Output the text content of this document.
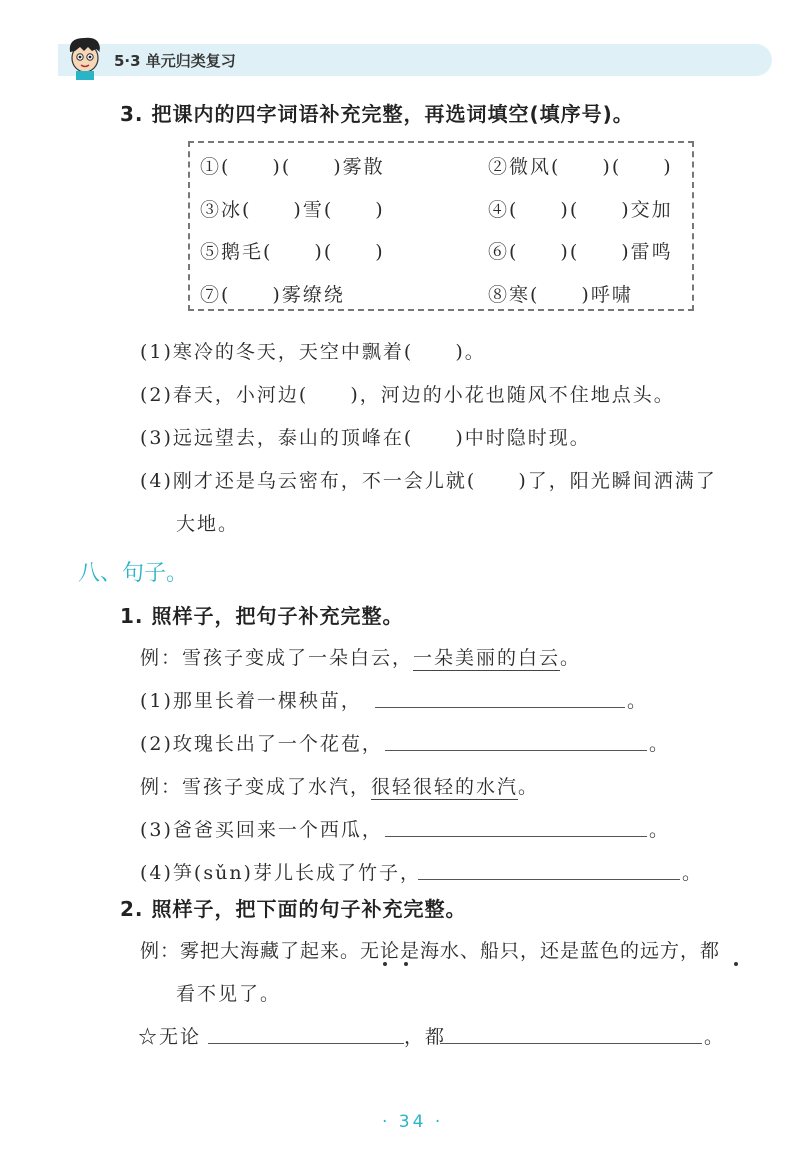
5·3 单元归类复习
3. 把课内的四字词语补充完整，再选词填空(填序号)。
①(　　)(　　)雾散	②微风(　　)(　　)
③冰(　　)雪(　　)	④(　　)(　　)交加
⑤鹅毛(　　)(　　)	⑥(　　)(　　)雷鸣
⑦(　　)雾缭绕	⑧寒(　　)呼啸
(1)寒冷的冬天，天空中飘着(　　)。
(2)春天，小河边(　　)，河边的小花也随风不住地点头。
(3)远远望去，泰山的顶峰在(　　)中时隐时现。
(4)刚才还是乌云密布，不一会儿就(　　)了，阳光瞬间洒满了
大地。
八、句子。
1. 照样子，把句子补充完整。
例：雪孩子变成了一朵白云，一朵美丽的白云。
(1)那里长着一棵秧苗，	。
(2)玫瑰长出了一个花苞，	。
例：雪孩子变成了水汽，很轻很轻的水汽。
(3)爸爸买回来一个西瓜，	。
(4)笋(sǔn)芽儿长成了竹子，	。
2. 照样子，把下面的句子补充完整。
例：雾把大海藏了起来。无论是海水、船只，还是蓝色的远方，都
看不见了。
☆无论	，都	。
· 34 ·
